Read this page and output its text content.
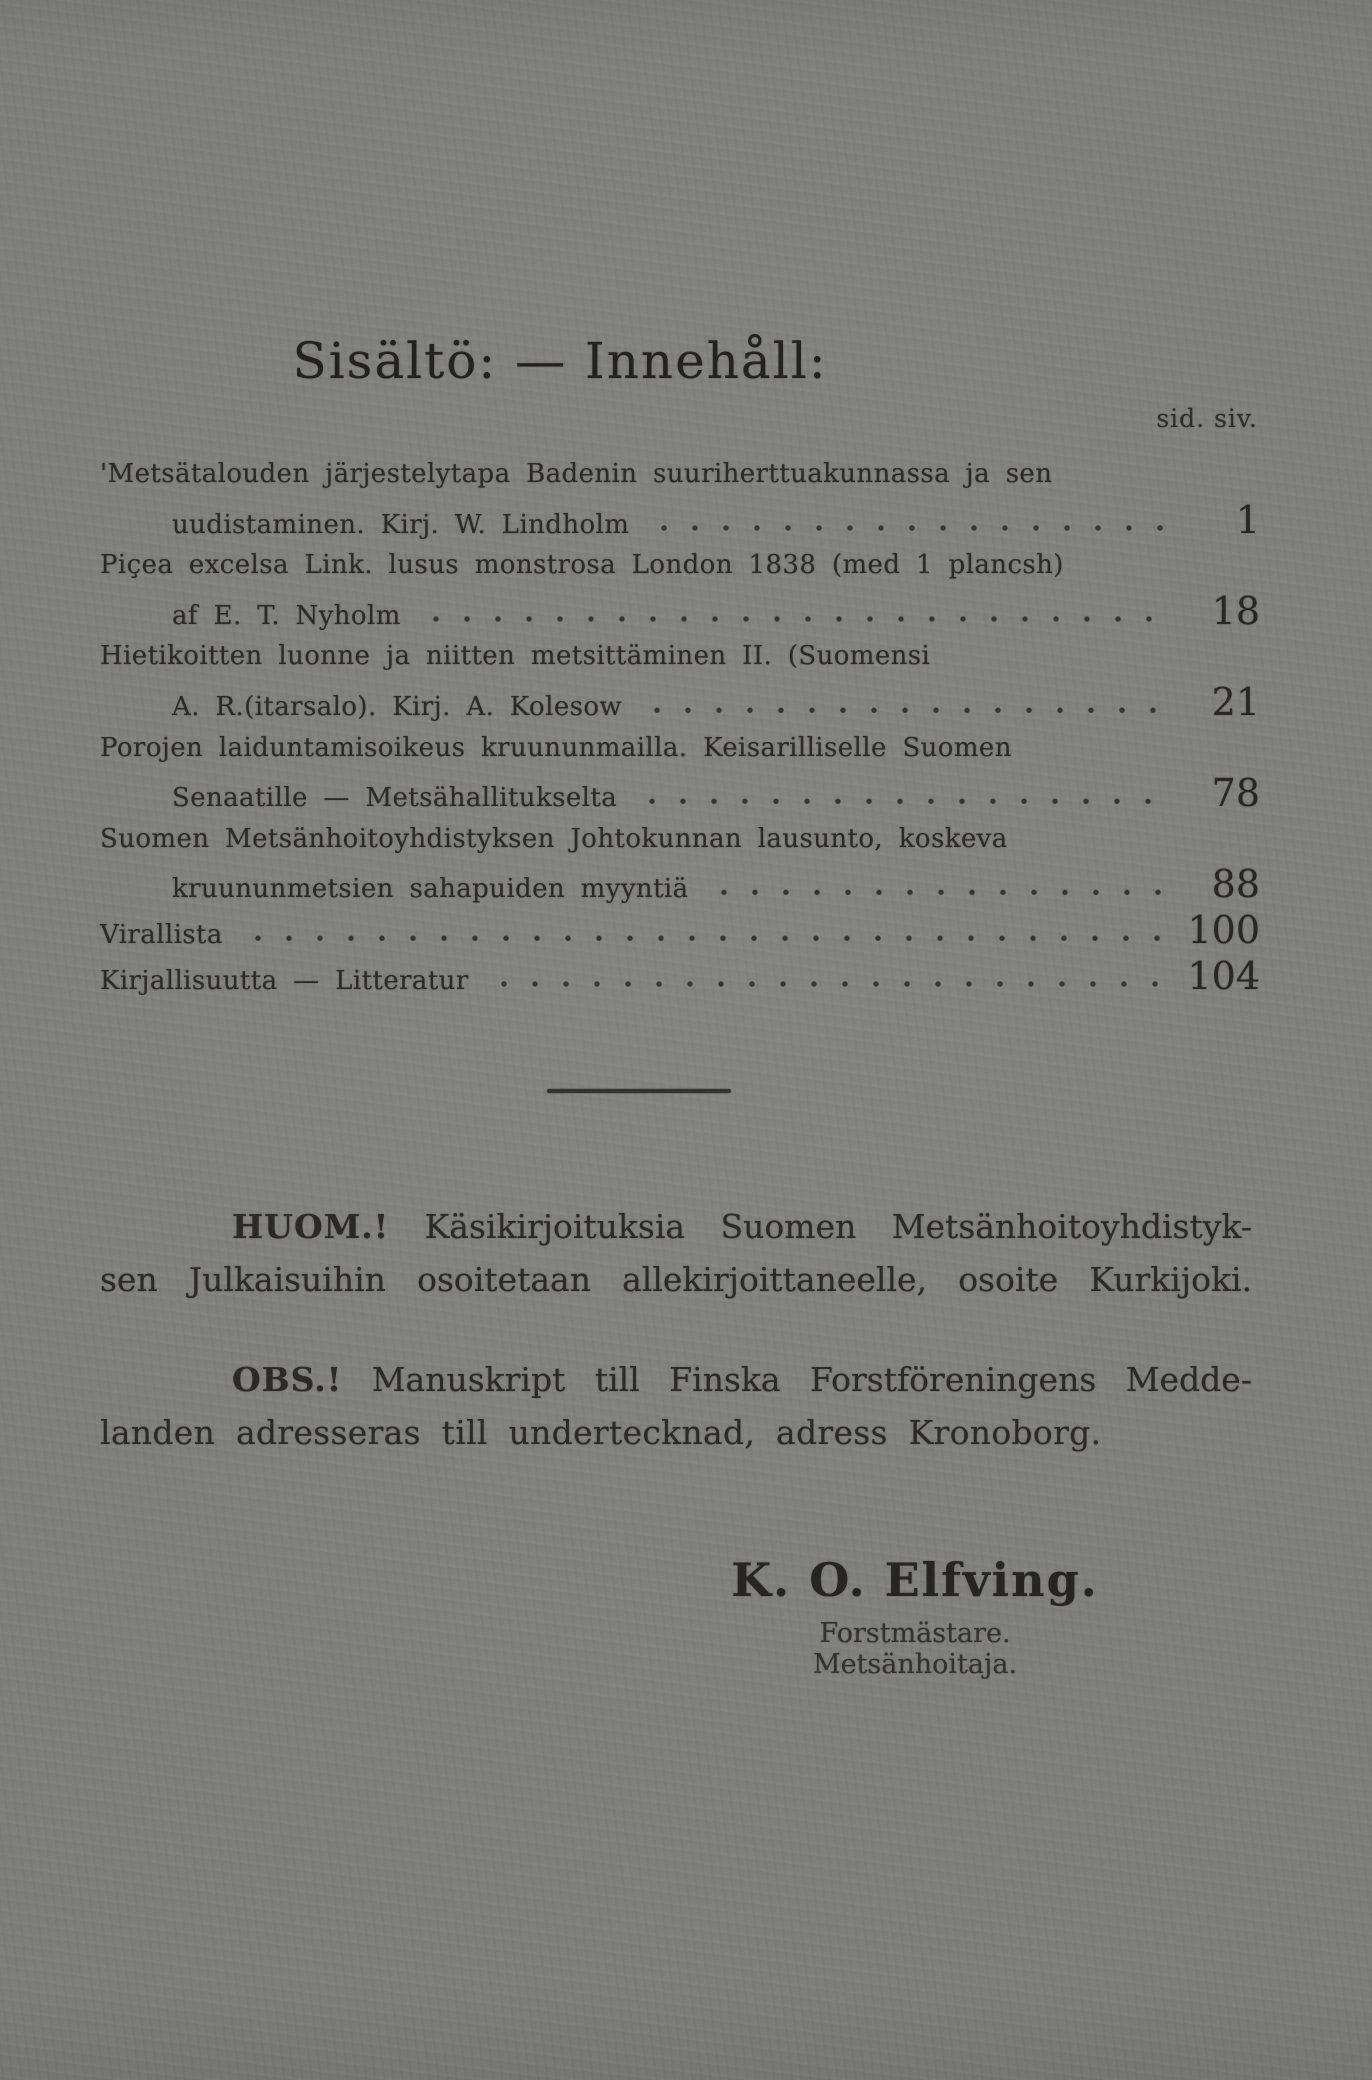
Sisältö: — Innehåll:
sid. siv.
'Metsätalouden järjestelytapa Badenin suuriherttuakunnassa ja sen
uudistaminen. Kirj. W. Lindholm	1
Piçea excelsa Link. lusus monstrosa London 1838 (med 1 plancsh)
af E. T. Nyholm	18
Hietikoitten luonne ja niitten metsittäminen II. (Suomensi
A. R.(itarsalo). Kirj. A. Kolesow	21
Porojen laiduntamisoikeus kruununmailla. Keisarilliselle Suomen
Senaatille — Metsähallitukselta	78
Suomen Metsänhoitoyhdistyksen Johtokunnan lausunto, koskeva
kruununmetsien sahapuiden myyntiä	88
Virallista	100
Kirjallisuutta — Litteratur	104
HUOM.! Käsikirjoituksia Suomen Metsänhoitoyhdistyk-
sen Julkaisuihin osoitetaan allekirjoittaneelle, osoite Kurkijoki.
OBS.! Manuskript till Finska Forstföreningens Medde-
landen adresseras till undertecknad, adress Kronoborg.
K. O. Elfving.
Forstmästare.
Metsänhoitaja.
